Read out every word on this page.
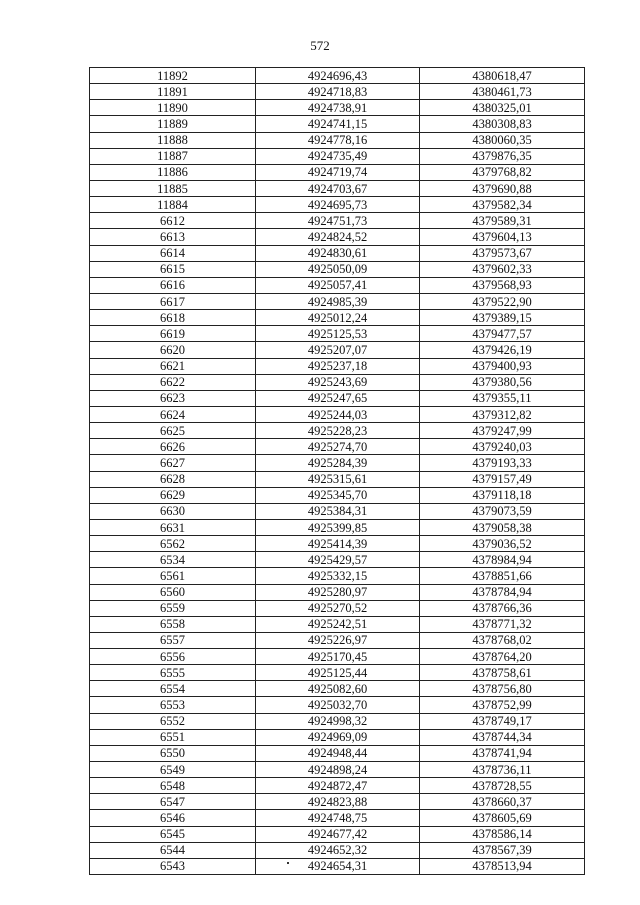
572
11892	4924696,43	4380618,47
11891	4924718,83	4380461,73
11890	4924738,91	4380325,01
11889	4924741,15	4380308,83
11888	4924778,16	4380060,35
11887	4924735,49	4379876,35
11886	4924719,74	4379768,82
11885	4924703,67	4379690,88
11884	4924695,73	4379582,34
6612	4924751,73	4379589,31
6613	4924824,52	4379604,13
6614	4924830,61	4379573,67
6615	4925050,09	4379602,33
6616	4925057,41	4379568,93
6617	4924985,39	4379522,90
6618	4925012,24	4379389,15
6619	4925125,53	4379477,57
6620	4925207,07	4379426,19
6621	4925237,18	4379400,93
6622	4925243,69	4379380,56
6623	4925247,65	4379355,11
6624	4925244,03	4379312,82
6625	4925228,23	4379247,99
6626	4925274,70	4379240,03
6627	4925284,39	4379193,33
6628	4925315,61	4379157,49
6629	4925345,70	4379118,18
6630	4925384,31	4379073,59
6631	4925399,85	4379058,38
6562	4925414,39	4379036,52
6534	4925429,57	4378984,94
6561	4925332,15	4378851,66
6560	4925280,97	4378784,94
6559	4925270,52	4378766,36
6558	4925242,51	4378771,32
6557	4925226,97	4378768,02
6556	4925170,45	4378764,20
6555	4925125,44	4378758,61
6554	4925082,60	4378756,80
6553	4925032,70	4378752,99
6552	4924998,32	4378749,17
6551	4924969,09	4378744,34
6550	4924948,44	4378741,94
6549	4924898,24	4378736,11
6548	4924872,47	4378728,55
6547	4924823,88	4378660,37
6546	4924748,75	4378605,69
6545	4924677,42	4378586,14
6544	4924652,32	4378567,39
6543	4924654,31	4378513,94
